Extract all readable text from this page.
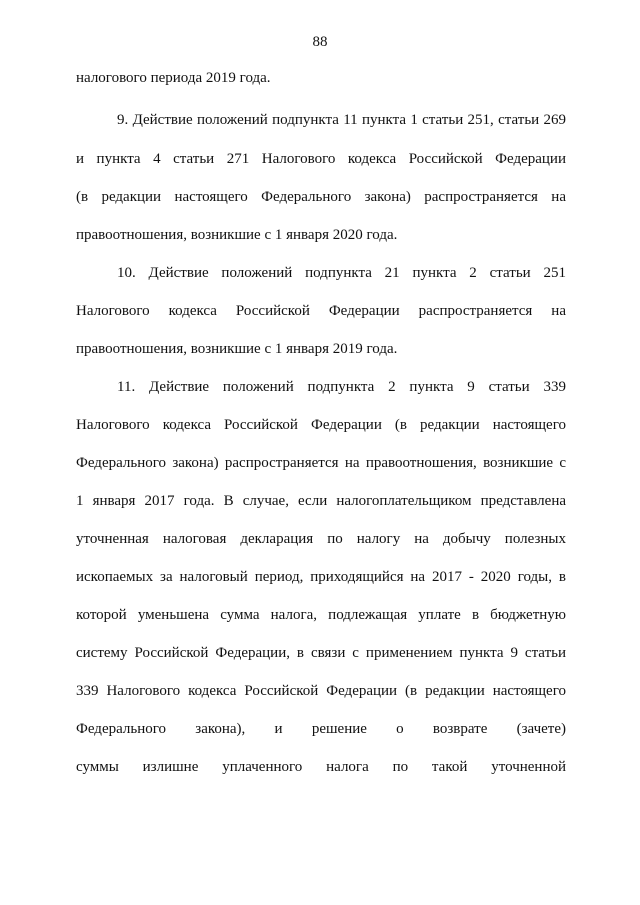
88
налогового периода 2019 года.
9. Действие положений подпункта 11 пункта 1 статьи 251, статьи 269
и пункта 4 статьи 271 Налогового кодекса Российской Федерации
(в редакции настоящего Федерального закона) распространяется на
правоотношения, возникшие с 1 января 2020 года.
10. Действие положений подпункта 21 пункта 2 статьи 251
Налогового кодекса Российской Федерации распространяется на
правоотношения, возникшие с 1 января 2019 года.
11. Действие положений подпункта 2 пункта 9 статьи 339
Налогового кодекса Российской Федерации (в редакции настоящего
Федерального закона) распространяется на правоотношения, возникшие с
1 января 2017 года. В случае, если налогоплательщиком представлена
уточненная налоговая декларация по налогу на добычу полезных
ископаемых за налоговый период, приходящийся на 2017 - 2020 годы, в
которой уменьшена сумма налога, подлежащая уплате в бюджетную
систему Российской Федерации, в связи с применением пункта 9 статьи
339 Налогового кодекса Российской Федерации (в редакции настоящего
Федерального закона), и решение о возврате (зачете)
суммы излишне уплаченного налога по такой уточненной
